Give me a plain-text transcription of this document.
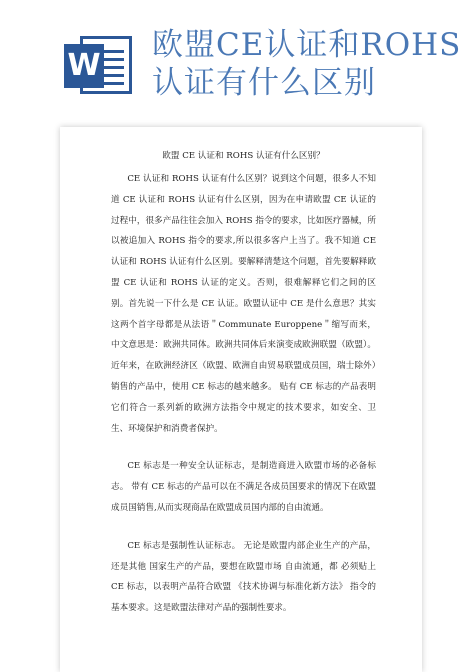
W
欧盟CE认证和ROHS认证有什么区别
欧盟 CE 认证和 ROHS 认证有什么区别？

CE 认证和 ROHS 认证有什么区别？说到这个问题，很多人不知道 CE 认证和 ROHS 认证有什么区别，因为在申请欧盟 CE 认证的过程中，很多产品往往会加入 ROHS 指令的要求，比如医疗器械，所以被追加入 ROHS 指令的要求,所以很多客户上当了。我不知道 CE 认证和 ROHS 认证有什么区别。要解释清楚这个问题，首先要解释欧盟 CE 认证和 ROHS 认证的定义。否则，很难解释它们之间的区别。首先说一下什么是 CE 认证。欧盟认证中 CE 是什么意思？其实这两个首字母都是从法语＂Communate Europpene＂缩写而来，中文意思是：欧洲共同体。欧洲共同体后来演变成欧洲联盟（欧盟）。近年来，在欧洲经济区（欧盟、欧洲自由贸易联盟成员国，瑞士除外）销售的产品中，使用 CE 标志的越来越多。 贴有 CE 标志的产品表明它们符合一系列新的欧洲方法指令中规定的技术要求，如安全、卫生、环境保护和消费者保护。

CE 标志是一种安全认证标志，是制造商进入欧盟市场的必备标志。 带有 CE 标志的产品可以在不满足各成员国要求的情况下在欧盟成员国销售,从而实现商品在欧盟成员国内部的自由流通。

CE 标志是强制性认证标志。 无论是欧盟内部企业生产的产品，还是其他 国家生产的产品，要想在欧盟市场 自由流通，都 必须贴上 CE 标志，以表明产品符合欧盟 《技术协调与标准化新方法》 指令的基本要求。这是欧盟法律对产品的强制性要求。
